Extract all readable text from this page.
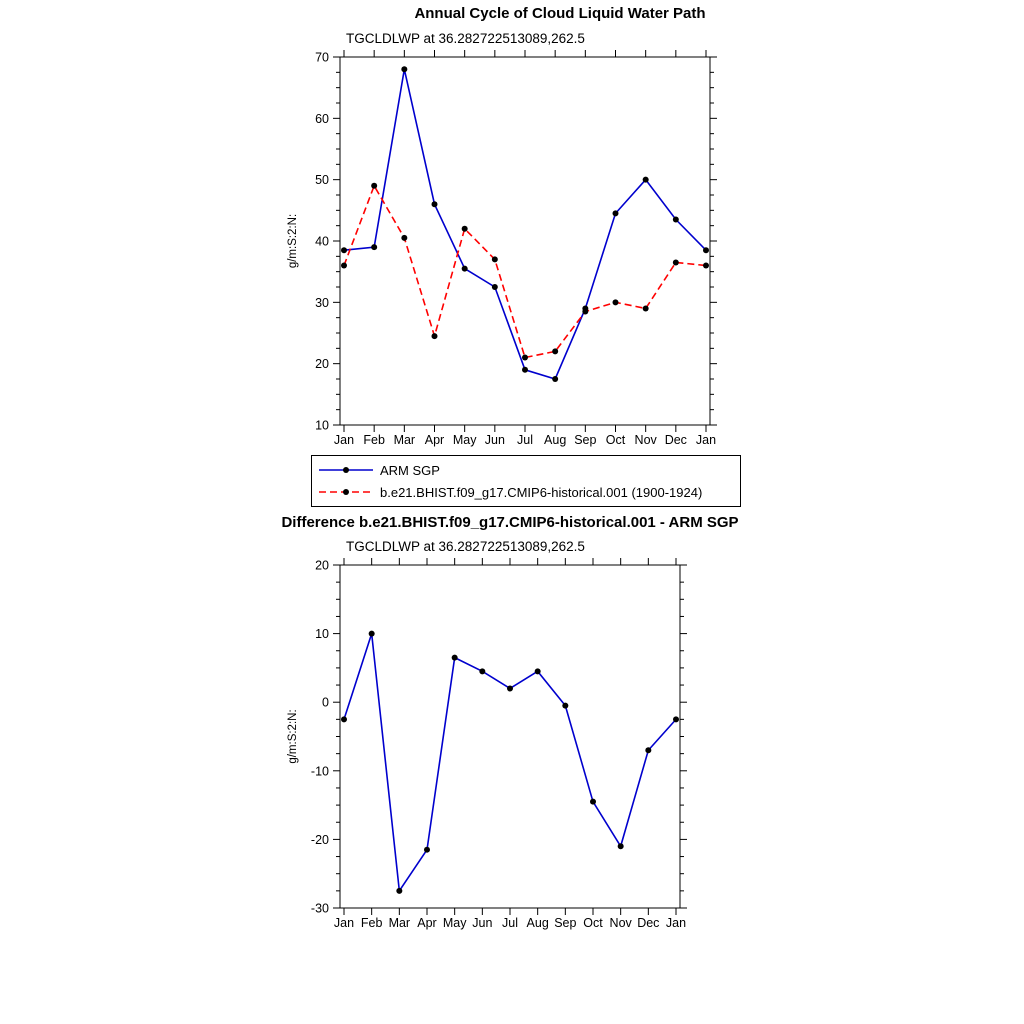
10
20
30
40
50
60
70
Jan Feb Mar Apr May Jun Jul Aug Sep Oct Nov Dec Jan
g/m:S:2:N:
-30
-20
-10
0
10
20
Jan Feb Mar Apr May Jun Jul Aug Sep Oct Nov Dec Jan
g/m:S:2:N:
Annual Cycle of Cloud Liquid Water Path
TGCLDLWP at 36.282722513089,262.5
ARM SGP
b.e21.BHIST.f09_g17.CMIP6-historical.001 (1900-1924)
Difference b.e21.BHIST.f09_g17.CMIP6-historical.001 - ARM SGP
TGCLDLWP at 36.282722513089,262.5
